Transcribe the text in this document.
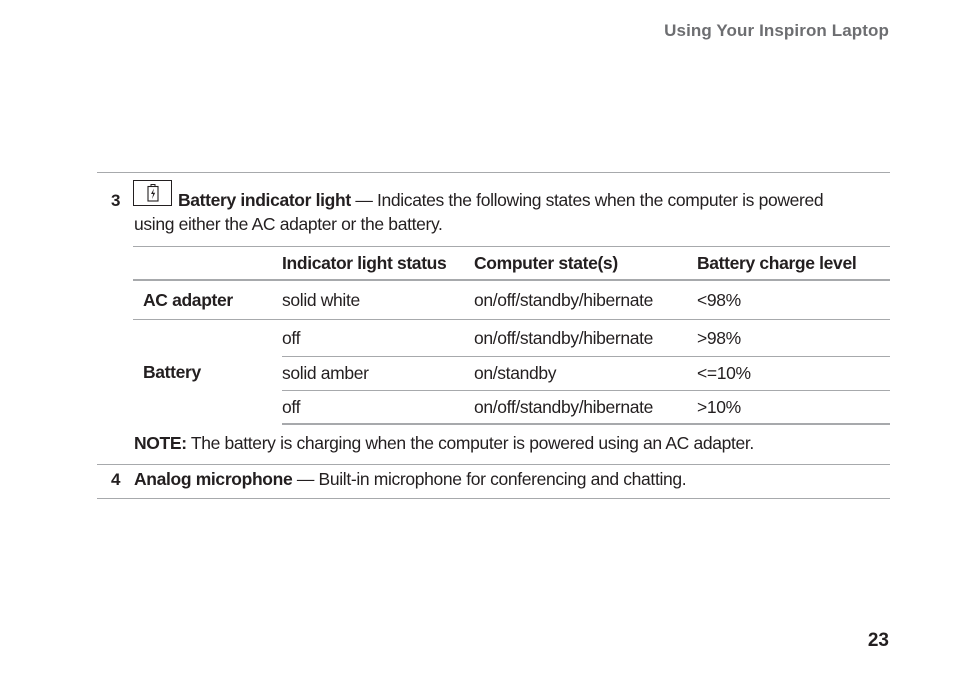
Using Your Inspiron Laptop
3	Battery indicator light — Indicates the following states when the computer is powered
using either the AC adapter or the battery.
	Indicator light status	Computer state(s)	Battery charge level
AC adapter	solid white	on/off/standby/hibernate	<98%
Battery	off	on/off/standby/hibernate	>98%
	solid amber	on/standby	<=10%
	off	on/off/standby/hibernate	>10%
NOTE: The battery is charging when the computer is powered using an AC adapter.
4 Analog microphone — Built-in microphone for conferencing and chatting.
23
